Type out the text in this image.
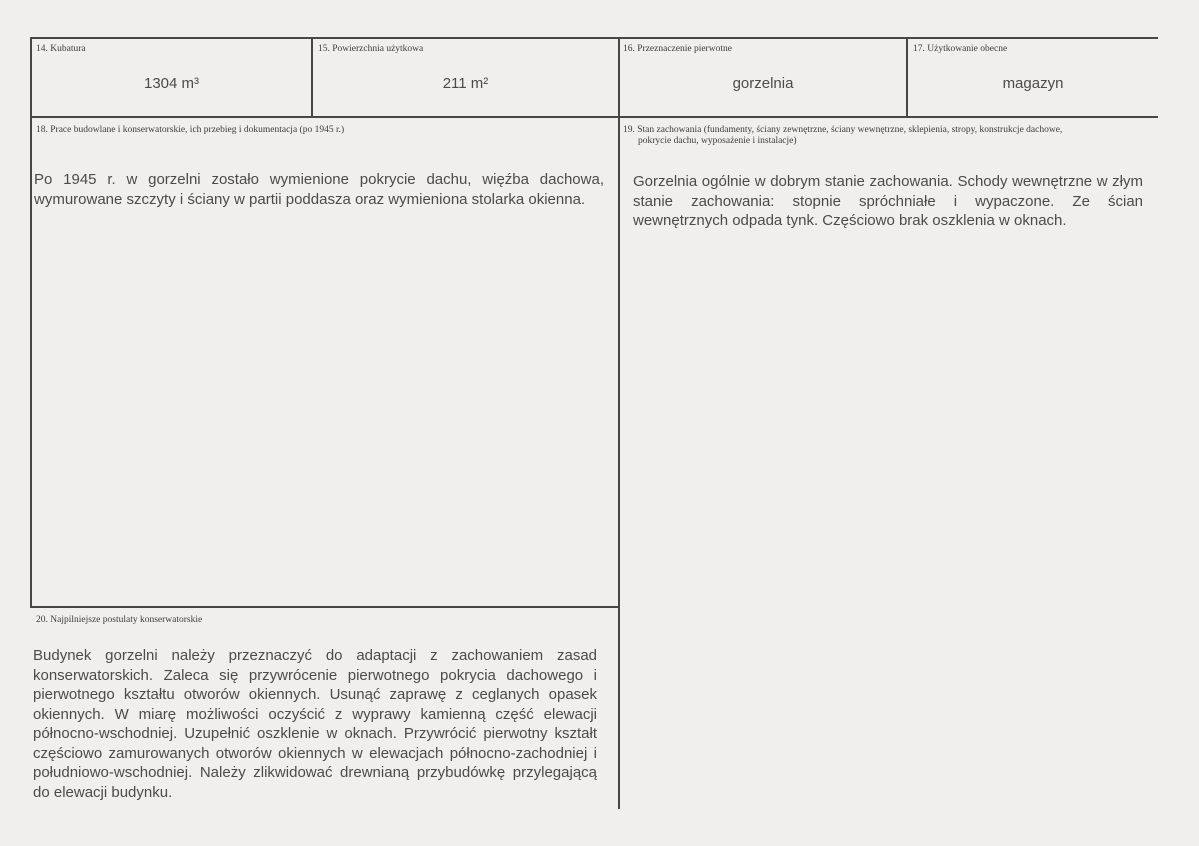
14. Kubatura
1304 m³
15. Powierzchnia użytkowa
211 m²
16. Przeznaczenie pierwotne
gorzelnia
17. Użytkowanie obecne
magazyn
18. Prace budowlane i konserwatorskie, ich przebieg i dokumentacja (po 1945 r.)
Po 1945 r. w gorzelni zostało wymienione pokrycie dachu, więźba dachowa, wymurowane szczyty i ściany w partii poddasza oraz wymieniona stolarka okienna.
19. Stan zachowania (fundamenty, ściany zewnętrzne, ściany wewnętrzne, sklepienia, stropy, konstrukcje dachowe,
pokrycie dachu, wyposażenie i instalacje)
Gorzelnia ogólnie w dobrym stanie zachowania. Schody wewnętrzne w złym stanie zachowania: stopnie spróchniałe i wypaczone. Ze ścian wewnętrznych odpada tynk. Częściowo brak oszklenia w oknach.
20. Najpilniejsze postulaty konserwatorskie
Budynek gorzelni należy przeznaczyć do adaptacji z zachowaniem zasad konserwatorskich. Zaleca się przywrócenie pierwotnego pokrycia dachowego i pierwotnego kształtu otworów okiennych. Usunąć zaprawę z ceglanych opasek okiennych. W miarę możliwości oczyścić z wyprawy kamienną część elewacji północno-wschodniej. Uzupełnić oszklenie w oknach. Przywrócić pierwotny kształt częściowo zamurowanych otworów okiennych w elewacjach północno-zachodniej i południowo-wschodniej. Należy zlikwidować drewnianą przybudówkę przylegającą do elewacji budynku.
